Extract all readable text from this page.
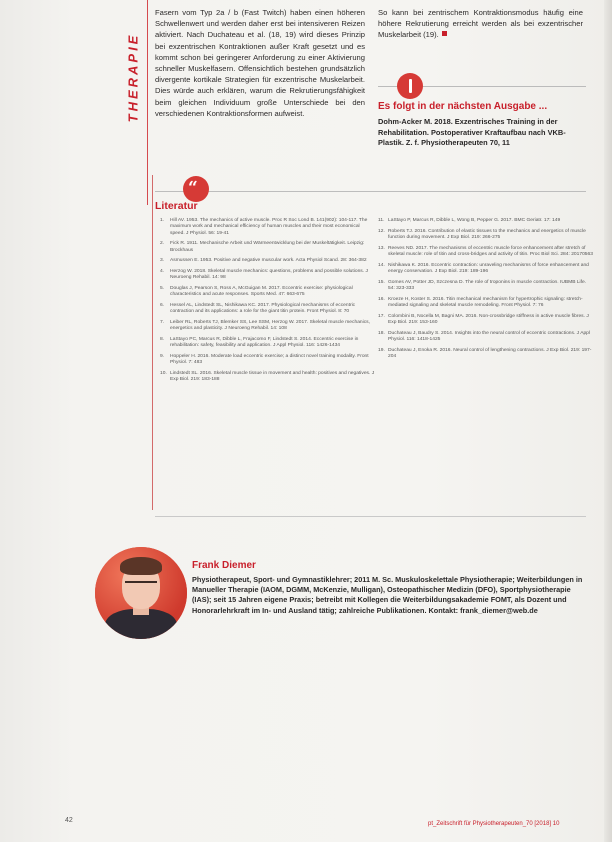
THERAPIE
Fasern vom Typ 2a / b (Fast Twitch) haben einen höheren Schwellenwert und werden daher erst bei intensiveren Reizen aktiviert. Nach Duchateau et al. (18, 19) wird dieses Prinzip bei exzentrischen Kontraktionen außer Kraft gesetzt und es kommt schon bei geringerer Anforderung zu einer Aktivierung schneller Muskelfasern. Offensichtlich bestehen grundsätzlich divergente kortikale Strategien für exzentrische Muskelarbeit. Dies würde auch erklären, warum die Rekrutierungsfähigkeit beim gleichen Individuum große Unterschiede bei den verschiedenen Kontraktionsformen aufweist.
So kann bei zentrischem Kontraktionsmodus häufig eine höhere Rekrutierung erreicht werden als bei exzentrischer Muskelarbeit (19).
Es folgt in der nächsten Ausgabe ...
Dohm-Acker M. 2018. Exzentrisches Training in der Rehabilitation. Postoperativer Kraftaufbau nach VKB-Plastik. Z. f. Physiotherapeuten 70, 11
“
Literatur
1. Hill AV. 1953. The mechanics of active muscle. Proc R Soc Lond B. 141(902): 104-117. The maximum work and mechanical efficiency of human muscles and their most economical speed. J Physiol. 56: 19-41
2. Fick R. 1911. Mechanische Arbeit und Wärmeentwicklung bei der Muskeltätigkeit. Leipzig: Brockhaus
3. Asmussen E. 1953. Positive and negative muscular work. Acta Physiol Scand. 28: 364-382
4. Herzog W. 2018. Skeletal muscle mechanics: questions, problems and possible solutions. J Neuroeng Rehabil. 14: 98
5. Douglas J, Pearson S, Ross A, McGuigan M. 2017. Eccentric exercise: physiological characteristics and acute responses. Sports Med. 47: 663-675
6. Hessel AL, Lindstedt SL, Nishikawa KC. 2017. Physiological mechanisms of eccentric contraction and its applications: a role for the giant titin protein. Front Physiol. 8: 70
7. Leiber RL, Roberts TJ, Blemker SS, Lee SSM, Herzog W. 2017. Skeletal muscle mechanics, energetics and plasticity. J Neuroeng Rehabil. 14: 108
8. LaStayo PC, Marcus R, Dibble L, Frajacomo F, Lindstedt S. 2014. Eccentric exercise in rehabilitation: safety, feasibility and application. J Appl Physiol. 116: 1426-1434
9. Hoppeler H. 2016. Moderate load eccentric exercise; a distinct novel training modality. Front Physiol. 7: 483
10. Lindstedt SL. 2016. Skeletal muscle tissue in movement and health: positives and negatives. J Exp Biol. 219: 183-188
11. LaStayo P, Marcus R, Dibble L, Wong B, Pepper G. 2017. BMC Geriatr. 17: 149
12. Roberts TJ. 2016. Contribution of elastic tissues to the mechanics and energetics of muscle function during movement. J Exp Biol. 219: 266-275
13. Reeves ND. 2017. The mechanisms of eccentric muscle force enhancement after stretch of skeletal muscle: role of titin and cross-bridges and activity of titin. Proc Biol Sci. 284: 20170563
14. Nishikawa K. 2016. Eccentric contraction: unraveling mechanisms of force enhancement and energy conservation. J Exp Biol. 219: 189-196
15. Gomes AV, Potter JD, Szczesna D. The role of troponins in muscle contraction. IUBMB Life. 54: 323-333
16. Kroeze H, Koster S. 2016. Titin mechanical mechanism for hypertrophic signaling: stretch-mediated signaling and skeletal muscle remodeling. Front Physiol. 7: 76
17. Colombini B, Nocella M, Bagni MA. 2016. Non-crossbridge stiffness in active muscle fibres. J Exp Biol. 219: 153-160
18. Duchateau J, Baudry S. 2014. Insights into the neural control of eccentric contractions. J Appl Physiol. 116: 1418-1425
19. Duchateau J, Enoka R. 2016. Neural control of lengthening contractions. J Exp Biol. 219: 197-204
Frank Diemer
Physiotherapeut, Sport- und Gymnastiklehrer; 2011 M. Sc. Muskuloskelettale Physiotherapie; Weiterbildungen in Manueller Therapie (IAOM, DGMM, McKenzie, Mulligan), Osteopathischer Medizin (DFO), Sportphysiotherapie (IAS); seit 15 Jahren eigene Praxis; betreibt mit Kollegen die Weiterbildungsakademie FOMT, als Dozent und Honorarlehrkraft im In- und Ausland tätig; zahlreiche Publikationen. Kontakt: frank_diemer@web.de
42	pt_Zeitschrift für Physiotherapeuten_70 [2018] 10
